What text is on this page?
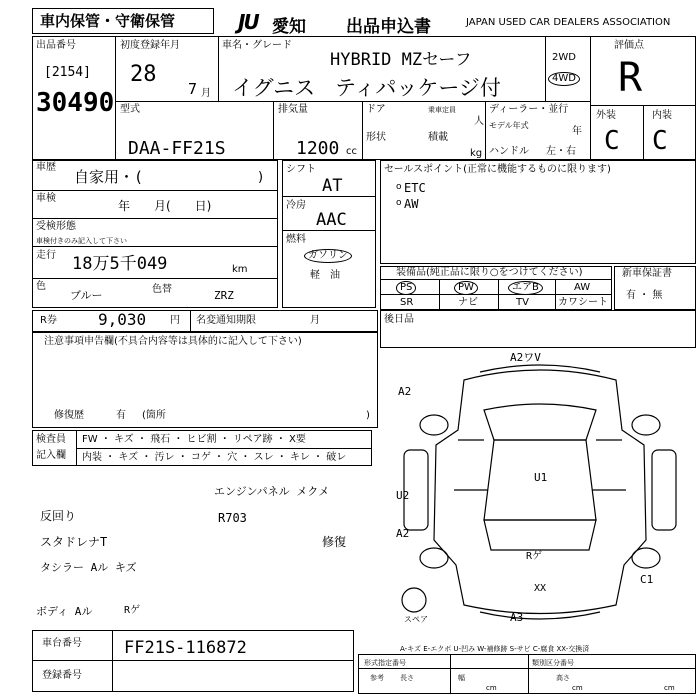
車内保管・守衛保管	JU 愛知 出品申込書	JAPAN USED CAR DEALERS ASSOCIATION
出品番号
[2154]
30490
初度登録年月
28
7 月
車名・グレード
HYBRID MZセーフ
イグニス ティパッケージ付
2WD
4WD
評価点
R
外装	内装
C C
型式
DAA-FF21S
排気量
1200 cc
ドア	乗車定員
人
形状	積載
kg
ディーラー・並行
モデル年式
年
ハンドル 左・右
車歴
自家用・(	)
車検
年　　月(　　日)
受検形態
車検付きのみ記入して下さい
走行 18万5千049	km
色
ブルー	色替	ZRZ
シフト
AT
冷房
AAC
燃料
ガソリン
軽　油
セールスポイント(正常に機能するものに限ります)
ETC
AW
o
o
装備品(純正品に限り○をつけてください)
PS	PW	エアB	AW
SR	ナビ	TV	カワシート
新車保証書
有 ・ 無
R券	9,030 円 名変通知期限	月
注意事項申告欄(不具合内容等は具体的に記入して下さい)
修復歴	有 (箇所	)
後日品
検査員
記入欄
FW ・ キズ ・ 飛石 ・ ヒビ割 ・ リペア跡 ・ X要
内装 ・ キズ ・ 汚レ ・ コゲ ・ 穴 ・ スレ ・ キレ ・ 破レ
エンジンパネル メクメ
反回り	R703
スタドレナT	修復
タシラー Aル キズ
ボディ Aル	Rゲ
A2ワV
A2
U2
A2
U1
Rゲ
XX
C1
A3
スペア
A-キズ E-エクボ U-凹み W-補修跡 S-サビ C-腐食 XX-交換済
車台番号 FF21S-116872
登録番号
形式指定番号	類別区分番号
参考 長さ	幅	高さ
cm	cm	cm
